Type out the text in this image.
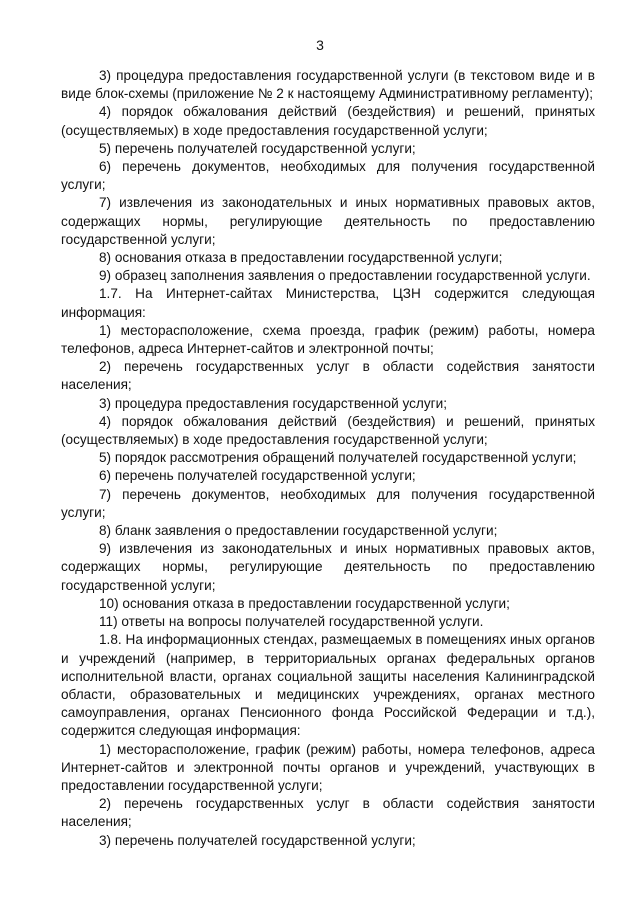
3

3) процедура предоставления государственной услуги (в текстовом виде и в виде блок-схемы (приложение № 2 к настоящему Административному регламенту);

4) порядок обжалования действий (бездействия) и решений, принятых (осуществляемых) в ходе предоставления государственной услуги;

5) перечень получателей государственной услуги;

6) перечень документов, необходимых для получения государственной услуги;

7) извлечения из законодательных и иных нормативных правовых актов, содержащих нормы, регулирующие деятельность по предоставлению государственной услуги;

8) основания отказа в предоставлении государственной услуги;

9) образец заполнения заявления о предоставлении государственной услуги.

1.7. На Интернет-сайтах Министерства, ЦЗН содержится следующая информация:

1) месторасположение, схема проезда, график (режим) работы, номера телефонов, адреса Интернет-сайтов и электронной почты;

2) перечень государственных услуг в области содействия занятости населения;

3) процедура предоставления государственной услуги;

4) порядок обжалования действий (бездействия) и решений, принятых (осуществляемых) в ходе предоставления государственной услуги;

5) порядок рассмотрения обращений получателей государственной услуги;

6) перечень получателей государственной услуги;

7) перечень документов, необходимых для получения государственной услуги;

8) бланк заявления о предоставлении государственной услуги;

9) извлечения из законодательных и иных нормативных правовых актов, содержащих нормы, регулирующие деятельность по предоставлению государственной услуги;

10) основания отказа в предоставлении государственной услуги;

11) ответы на вопросы получателей государственной услуги.

1.8. На информационных стендах, размещаемых в помещениях иных органов и учреждений (например, в территориальных органах федеральных органов исполнительной власти, органах социальной защиты населения Калининградской области, образовательных и медицинских учреждениях, органах местного самоуправления, органах Пенсионного фонда Российской Федерации и т.д.), содержится следующая информация:

1) месторасположение, график (режим) работы, номера телефонов, адреса Интернет-сайтов и электронной почты органов и учреждений, участвующих в предоставлении государственной услуги;

2) перечень государственных услуг в области содействия занятости населения;

3) перечень получателей государственной услуги;
